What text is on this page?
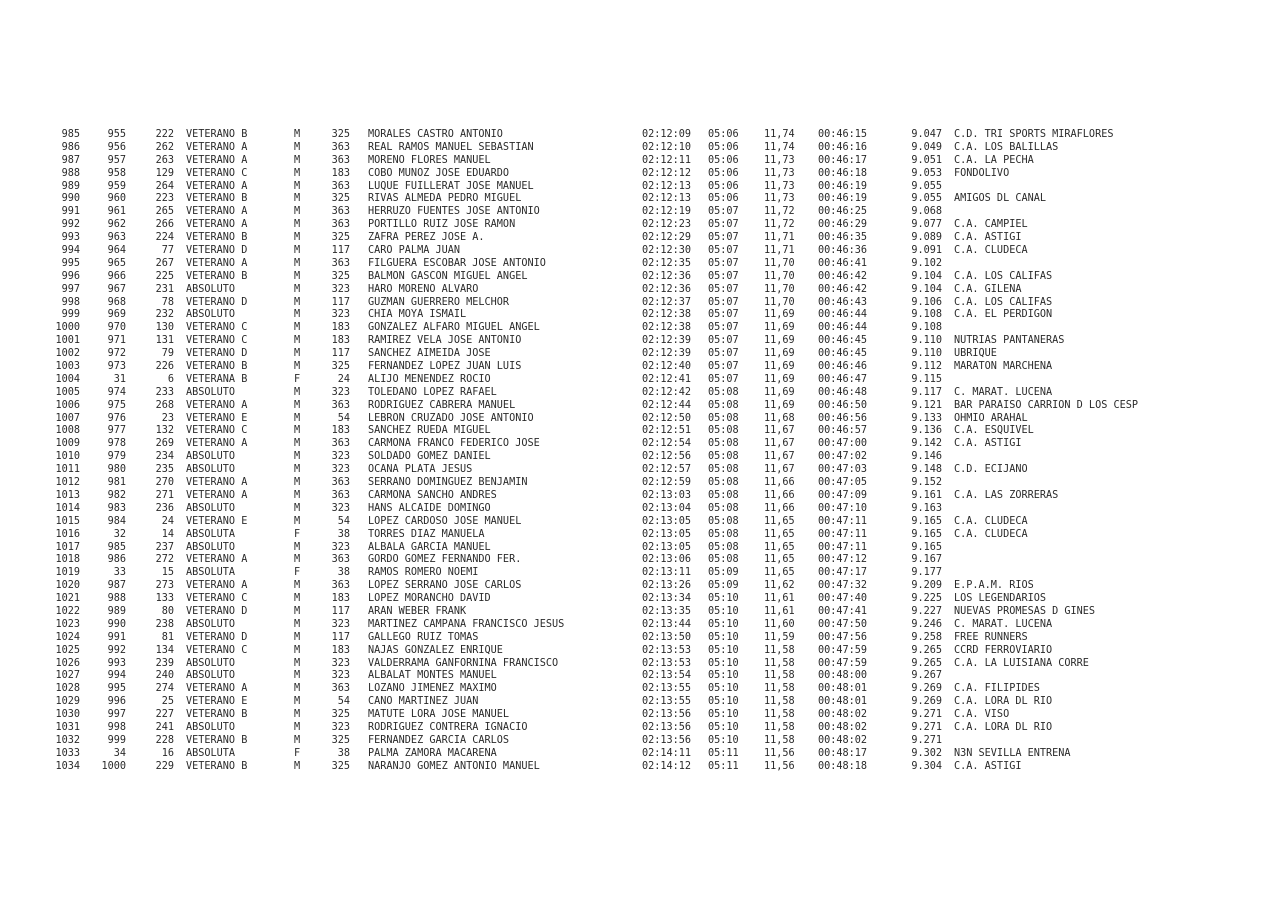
985	955	222	VETERANO B	M	325	MORALES CASTRO ANTONIO	02:12:09	05:06	11,74	00:46:15	9.047	C.D. TRI SPORTS MIRAFLORES
986	956	262	VETERANO A	M	363	REAL RAMOS MANUEL SEBASTIAN	02:12:10	05:06	11,74	00:46:16	9.049	C.A. LOS BALILLAS
987	957	263	VETERANO A	M	363	MORENO FLORES MANUEL	02:12:11	05:06	11,73	00:46:17	9.051	C.A. LA PECHA
988	958	129	VETERANO C	M	183	COBO MUÑOZ JOSE EDUARDO	02:12:12	05:06	11,73	00:46:18	9.053	FONDOLIVO
989	959	264	VETERANO A	M	363	LUQUE FUILLERAT JOSE MANUEL	02:12:13	05:06	11,73	00:46:19	9.055
990	960	223	VETERANO B	M	325	RIVAS ALMEDA PEDRO MIGUEL	02:12:13	05:06	11,73	00:46:19	9.055	AMIGOS DL CANAL
991	961	265	VETERANO A	M	363	HERRUZO FUENTES JOSE ANTONIO	02:12:19	05:07	11,72	00:46:25	9.068
992	962	266	VETERANO A	M	363	PORTILLO RUIZ JOSE RAMON	02:12:23	05:07	11,72	00:46:29	9.077	C.A. CAMPIEL
993	963	224	VETERANO B	M	325	ZAFRA PEREZ JOSE A.	02:12:29	05:07	11,71	00:46:35	9.089	C.A. ASTIGI
994	964	77	VETERANO D	M	117	CARO PALMA JUAN	02:12:30	05:07	11,71	00:46:36	9.091	C.A. CLUDECA
995	965	267	VETERANO A	M	363	FILGUERA ESCOBAR JOSE ANTONIO	02:12:35	05:07	11,70	00:46:41	9.102
996	966	225	VETERANO B	M	325	BALMON GASCON MIGUEL ANGEL	02:12:36	05:07	11,70	00:46:42	9.104	C.A. LOS CALIFAS
997	967	231	ABSOLUTO	M	323	HARO MORENO ALVARO	02:12:36	05:07	11,70	00:46:42	9.104	C.A. GILENA
998	968	78	VETERANO D	M	117	GUZMAN GUERRERO MELCHOR	02:12:37	05:07	11,70	00:46:43	9.106	C.A. LOS CALIFAS
999	969	232	ABSOLUTO	M	323	CHIA MOYA ISMAIL	02:12:38	05:07	11,69	00:46:44	9.108	C.A. EL PERDIGON
1000	970	130	VETERANO C	M	183	GONZALEZ ALFARO MIGUEL ANGEL	02:12:38	05:07	11,69	00:46:44	9.108
1001	971	131	VETERANO C	M	183	RAMIREZ VELA JOSE ANTONIO	02:12:39	05:07	11,69	00:46:45	9.110	NUTRIAS PANTANERAS
1002	972	79	VETERANO D	M	117	SANCHEZ AIMEIDA JOSE	02:12:39	05:07	11,69	00:46:45	9.110	UBRIQUE
1003	973	226	VETERANO B	M	325	FERNANDEZ LOPEZ JUAN LUIS	02:12:40	05:07	11,69	00:46:46	9.112	MARATON MARCHENA
1004	31	6	VETERANA B	F	24	ALIJO MENENDEZ ROCIO	02:12:41	05:07	11,69	00:46:47	9.115
1005	974	233	ABSOLUTO	M	323	TOLEDANO LOPEZ RAFAEL	02:12:42	05:08	11,69	00:46:48	9.117	C. MARAT. LUCENA
1006	975	268	VETERANO A	M	363	RODRIGUEZ CABRERA MANUEL	02:12:44	05:08	11,69	00:46:50	9.121	BAR PARAISO CARRION D LOS CESP
1007	976	23	VETERANO E	M	54	LEBRON CRUZADO JOSE ANTONIO	02:12:50	05:08	11,68	00:46:56	9.133	OHMIO ARAHAL
1008	977	132	VETERANO C	M	183	SANCHEZ RUEDA MIGUEL	02:12:51	05:08	11,67	00:46:57	9.136	C.A. ESQUIVEL
1009	978	269	VETERANO A	M	363	CARMONA FRANCO FEDERICO JOSE	02:12:54	05:08	11,67	00:47:00	9.142	C.A. ASTIGI
1010	979	234	ABSOLUTO	M	323	SOLDADO GOMEZ DANIEL	02:12:56	05:08	11,67	00:47:02	9.146
1011	980	235	ABSOLUTO	M	323	OCAÑA PLATA JESUS	02:12:57	05:08	11,67	00:47:03	9.148	C.D. ECIJANO
1012	981	270	VETERANO A	M	363	SERRANO DOMINGUEZ BENJAMIN	02:12:59	05:08	11,66	00:47:05	9.152
1013	982	271	VETERANO A	M	363	CARMONA SANCHO ANDRES	02:13:03	05:08	11,66	00:47:09	9.161	C.A. LAS ZORRERAS
1014	983	236	ABSOLUTO	M	323	HANS ALCAIDE DOMINGO	02:13:04	05:08	11,66	00:47:10	9.163
1015	984	24	VETERANO E	M	54	LOPEZ CARDOSO JOSE MANUEL	02:13:05	05:08	11,65	00:47:11	9.165	C.A. CLUDECA
1016	32	14	ABSOLUTA	F	38	TORRES DIAZ MANUELA	02:13:05	05:08	11,65	00:47:11	9.165	C.A. CLUDECA
1017	985	237	ABSOLUTO	M	323	ALBALA GARCIA MANUEL	02:13:05	05:08	11,65	00:47:11	9.165
1018	986	272	VETERANO A	M	363	GORDO GOMEZ FERNANDO FER.	02:13:06	05:08	11,65	00:47:12	9.167
1019	33	15	ABSOLUTA	F	38	RAMOS ROMERO NOEMI	02:13:11	05:09	11,65	00:47:17	9.177
1020	987	273	VETERANO A	M	363	LOPEZ SERRANO JOSE CARLOS	02:13:26	05:09	11,62	00:47:32	9.209	E.P.A.M. RIOS
1021	988	133	VETERANO C	M	183	LOPEZ MORANCHO DAVID	02:13:34	05:10	11,61	00:47:40	9.225	LOS LEGENDARIOS
1022	989	80	VETERANO D	M	117	ARAN WEBER FRANK	02:13:35	05:10	11,61	00:47:41	9.227	NUEVAS PROMESAS D GINES
1023	990	238	ABSOLUTO	M	323	MARTINEZ CAMPAÑA FRANCISCO JESUS	02:13:44	05:10	11,60	00:47:50	9.246	C. MARAT. LUCENA
1024	991	81	VETERANO D	M	117	GALLEGO RUIZ TOMAS	02:13:50	05:10	11,59	00:47:56	9.258	FREE RUNNERS
1025	992	134	VETERANO C	M	183	NAJAS GONZALEZ ENRIQUE	02:13:53	05:10	11,58	00:47:59	9.265	CCRD FERROVIARIO
1026	993	239	ABSOLUTO	M	323	VALDERRAMA GANFORNINA FRANCISCO	02:13:53	05:10	11,58	00:47:59	9.265	C.A. LA LUISIANA CORRE
1027	994	240	ABSOLUTO	M	323	ALBALAT MONTES MANUEL	02:13:54	05:10	11,58	00:48:00	9.267
1028	995	274	VETERANO A	M	363	LOZANO JIMENEZ MAXIMO	02:13:55	05:10	11,58	00:48:01	9.269	C.A. FILIPIDES
1029	996	25	VETERANO E	M	54	CANO MARTINEZ JUAN	02:13:55	05:10	11,58	00:48:01	9.269	C.A. LORA DL RIO
1030	997	227	VETERANO B	M	325	MATUTE LORA JOSE MANUEL	02:13:56	05:10	11,58	00:48:02	9.271	C.A. VISO
1031	998	241	ABSOLUTO	M	323	RODRIGUEZ CONTRERA IGNACIO	02:13:56	05:10	11,58	00:48:02	9.271	C.A. LORA DL RIO
1032	999	228	VETERANO B	M	325	FERNANDEZ GARCIA CARLOS	02:13:56	05:10	11,58	00:48:02	9.271
1033	34	16	ABSOLUTA	F	38	PALMA ZAMORA MACARENA	02:14:11	05:11	11,56	00:48:17	9.302	N3N SEVILLA ENTRENA
1034	1000	229	VETERANO B	M	325	NARANJO GOMEZ ANTONIO MANUEL	02:14:12	05:11	11,56	00:48:18	9.304	C.A. ASTIGI
